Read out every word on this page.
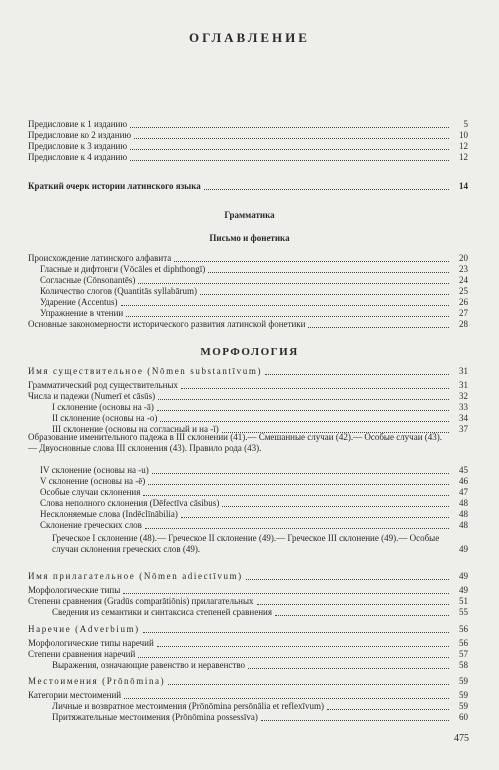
ОГЛАВЛЕНИЕ
Предисловие к 1 изданию	5
Предисловие ко 2 изданию	10
Предисловие к 3 изданию	12
Предисловие к 4 изданию	12
Краткий очерк истории латинского языка	14
Грамматика
Письмо и фонетика
Происхождение латинского алфавита	20
Гласные и дифтонги (Vōcāles et diphthongī)	23
Согласные (Cōnsonantēs)	24
Количество слогов (Quantitās syllabārum)	25
Ударение (Accentus)	26
Упражнение в чтении	27
Основные закономерности исторического развития латинской фонетики	28
МОРФОЛОГИЯ
Имя существительное (Nōmen substantīvum)	31
Грамматический род существительных	31
Числа и падежи (Numerī et cāsūs)	32
I склонение (основы на -ā)	33
II склонение (основы на -o)	34
III склонение (основы на согласный и на -ĭ)	37
Образование именительного падежа в III склонении (41).— Смешанные случаи (42).— Особые случаи (43).— Двуосновные слова III склонения (43). Правило рода (43).
IV склонение (основы на -u)	45
V склонение (основы на -ē)	46
Особые случаи склонения	47
Слова неполного склонения (Dēfectīva cāsibus)	48
Несклоняемые слова (Indēclīnābilia)	48
Склонение греческих слов	48
Греческое I склонение (48).— Греческое II склонение (49).— Греческое III склонение (49).— Особые случаи склонения греческих слов (49).	49
Имя прилагательное (Nōmen adiectīvum)	49
Морфологические типы	49
Степени сравнения (Gradūs comparātiōnis) прилагательных	51
Сведения из семантики и синтаксиса степеней сравнения	55
Наречие (Adverbium)	56
Морфологические типы наречий	56
Степени сравнения наречий	57
Выражения, означающие равенство и неравенство	58
Местоимения (Prōnōmina)	59
Категории местоимений	59
Личные и возвратное местоимения (Prōnōmina persōnālia et reflexīvum)	59
Притяжательные местоимения (Prōnōmina possessīva)	60
475
